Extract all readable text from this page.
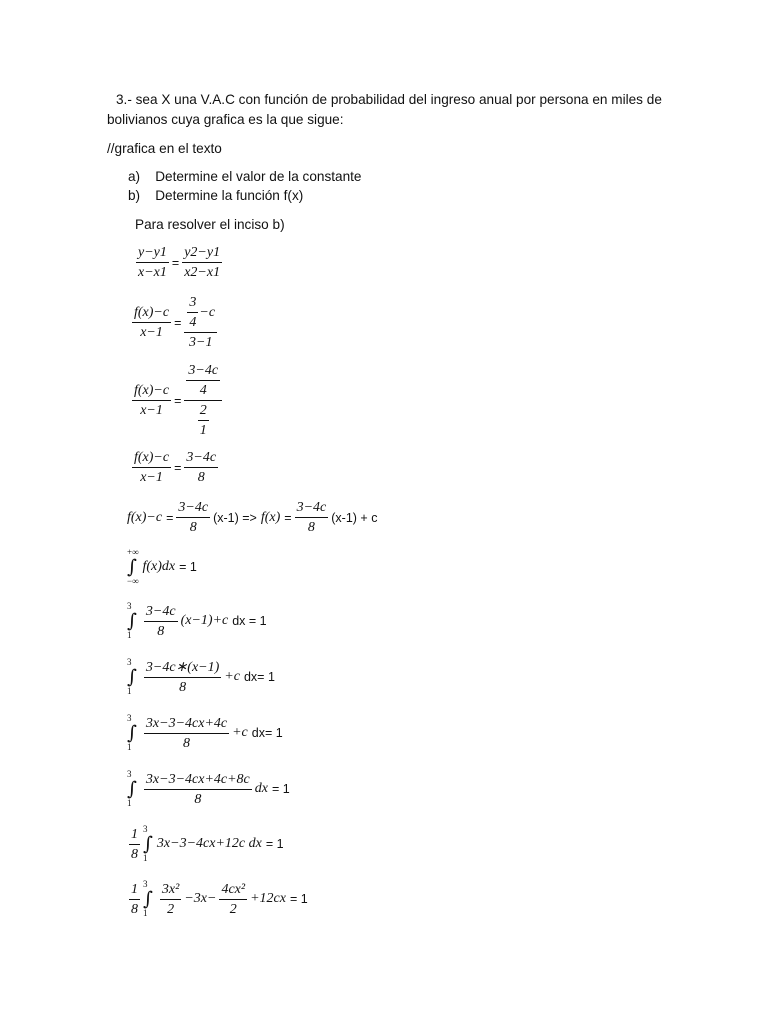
3.- sea X una V.A.C con función de probabilidad del ingreso anual por persona en miles de
bolivianos cuya grafica es la que sigue:
//grafica en el texto
a)    Determine el valor de la constante
b)    Determine la función f(x)
Para resolver el inciso b)
$\frac{y-y1}{x-x1} = \frac{y2-y1}{x2-x1}$
$\frac{f(x)-c}{x-1} = \frac{\frac{3}{4} -c}{3-1}$
$\frac{f(x)-c}{x-1} = \frac{\frac{3-4c}{4}}{\frac{2}{1}}$
$\frac{f(x)-c}{x-1} = \frac{3-4c}{8}$
$f(x)-c = \frac{3-4c}{8} (x-1) => f(x) = \frac{3-4c}{8} (x-1) + c$
+∞
∫
−∞
f(x)dx = 1
3
∫
$1 \frac{3-4c}{8} (x-1)+c$ dx = 1
3
∫
$1 \frac{3-4c∗(x-1)}{8} +c$ dx= 1
3
∫
$1 \frac{3x-3-4cx+4c}{8} +c$ dx= 1
3
∫
$1 \frac{3x-3-4cx+4c+8c}{8}$ dx = 1
$\frac{1}{8} 3$
∫
1
3x−3−4cx+12c dx = 1
$\frac{1}{8} 3$
∫
$1 \frac{\text{3x²}}{2} -3x- \frac{\text{4cx²}}{2} +12cx = 1$
